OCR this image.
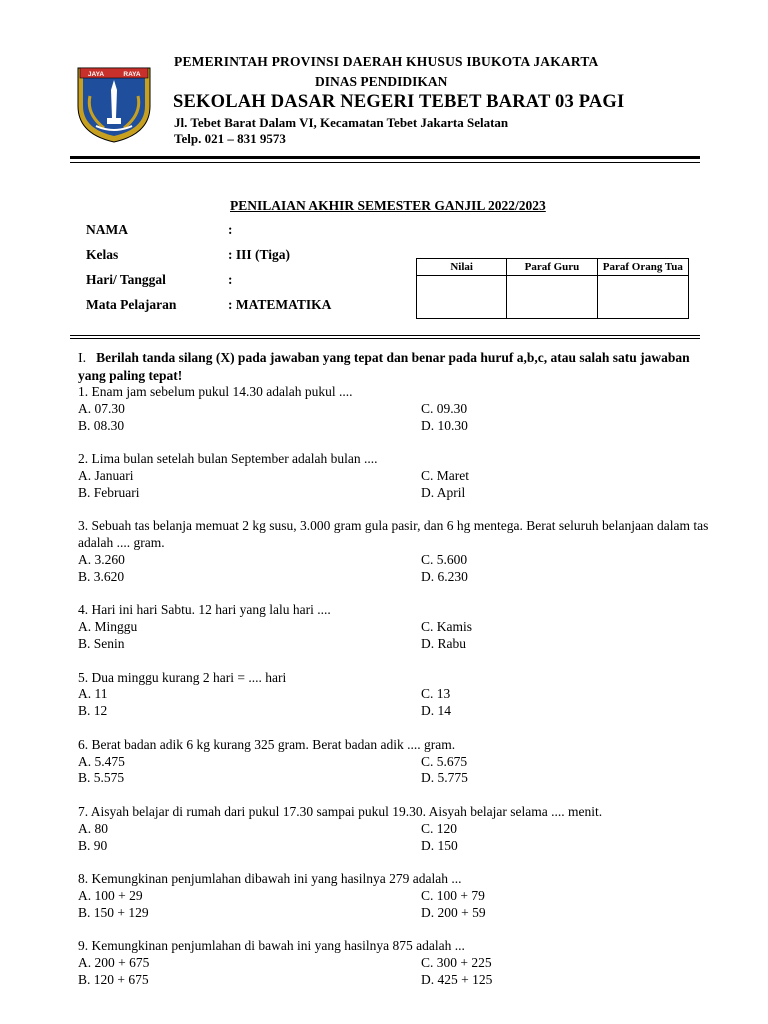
JAYA	RAYA
PEMERINTAH PROVINSI DAERAH KHUSUS IBUKOTA JAKARTA
DINAS PENDIDIKAN
SEKOLAH DASAR NEGERI TEBET BARAT 03 PAGI
Jl. Tebet Barat Dalam VI, Kecamatan Tebet Jakarta Selatan
Telp. 021 – 831 9573
PENILAIAN AKHIR SEMESTER GANJIL 2022/2023
NAMA	:
Kelas	: III (Tiga)
Hari/ Tanggal	:
Mata Pelajaran	: MATEMATIKA
Nilai	Paraf Guru	Paraf Orang Tua

I. Berilah tanda silang (X) pada jawaban yang tepat dan benar pada huruf a,b,c, atau salah satu jawaban yang paling tepat!
1. Enam jam sebelum pukul 14.30 adalah pukul ....
A. 07.30	C. 09.30
B. 08.30	D. 10.30
2. Lima bulan setelah bulan September adalah bulan ....
A. Januari	C. Maret
B. Februari	D. April
3. Sebuah tas belanja memuat 2 kg susu, 3.000 gram gula pasir, dan 6 hg mentega. Berat seluruh belanjaan dalam tas adalah .... gram.
A. 3.260	C. 5.600
B. 3.620	D. 6.230
4. Hari ini hari Sabtu. 12 hari yang lalu hari ....
A. Minggu	C. Kamis
B. Senin	D. Rabu
5. Dua minggu kurang 2 hari = .... hari
A. 11	C. 13
B. 12	D. 14
6. Berat badan adik 6 kg kurang 325 gram. Berat badan adik .... gram.
A. 5.475	C. 5.675
B. 5.575	D. 5.775
7. Aisyah belajar di rumah dari pukul 17.30 sampai pukul 19.30. Aisyah belajar selama .... menit.
A. 80	C. 120
B. 90	D. 150
8. Kemungkinan penjumlahan dibawah ini yang hasilnya 279 adalah ...
A. 100 + 29	C. 100 + 79
B. 150 + 129	D. 200 + 59
9. Kemungkinan penjumlahan di bawah ini yang hasilnya 875 adalah ...
A. 200 + 675	C. 300 + 225
B. 120 + 675	D. 425 + 125
